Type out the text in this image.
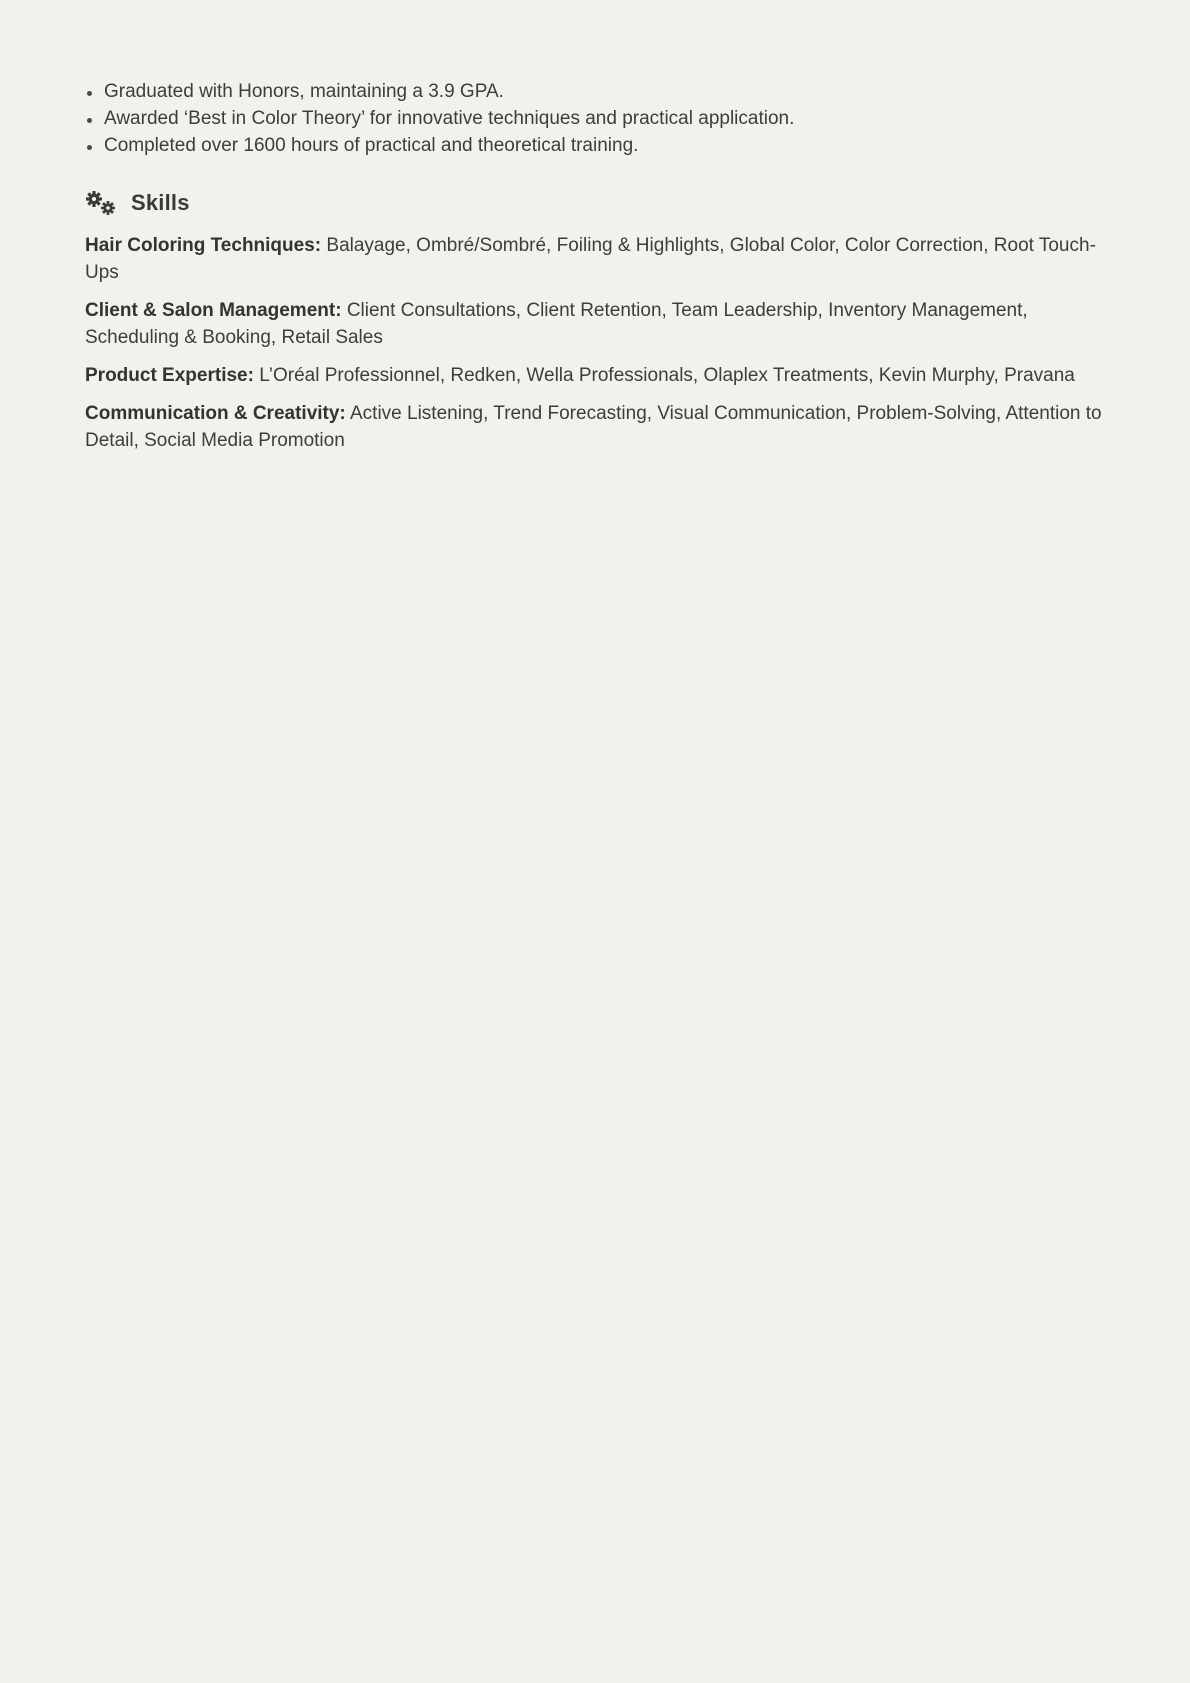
Graduated with Honors, maintaining a 3.9 GPA.
Awarded ‘Best in Color Theory’ for innovative techniques and practical application.
Completed over 1600 hours of practical and theoretical training.
Skills

Hair Coloring Techniques: Balayage, Ombré/Sombré, Foiling & Highlights, Global Color, Color Correction, Root Touch-Ups

Client & Salon Management: Client Consultations, Client Retention, Team Leadership, Inventory Management, Scheduling & Booking, Retail Sales

Product Expertise: L’Oréal Professionnel, Redken, Wella Professionals, Olaplex Treatments, Kevin Murphy, Pravana

Communication & Creativity: Active Listening, Trend Forecasting, Visual Communication, Problem-Solving, Attention to Detail, Social Media Promotion
